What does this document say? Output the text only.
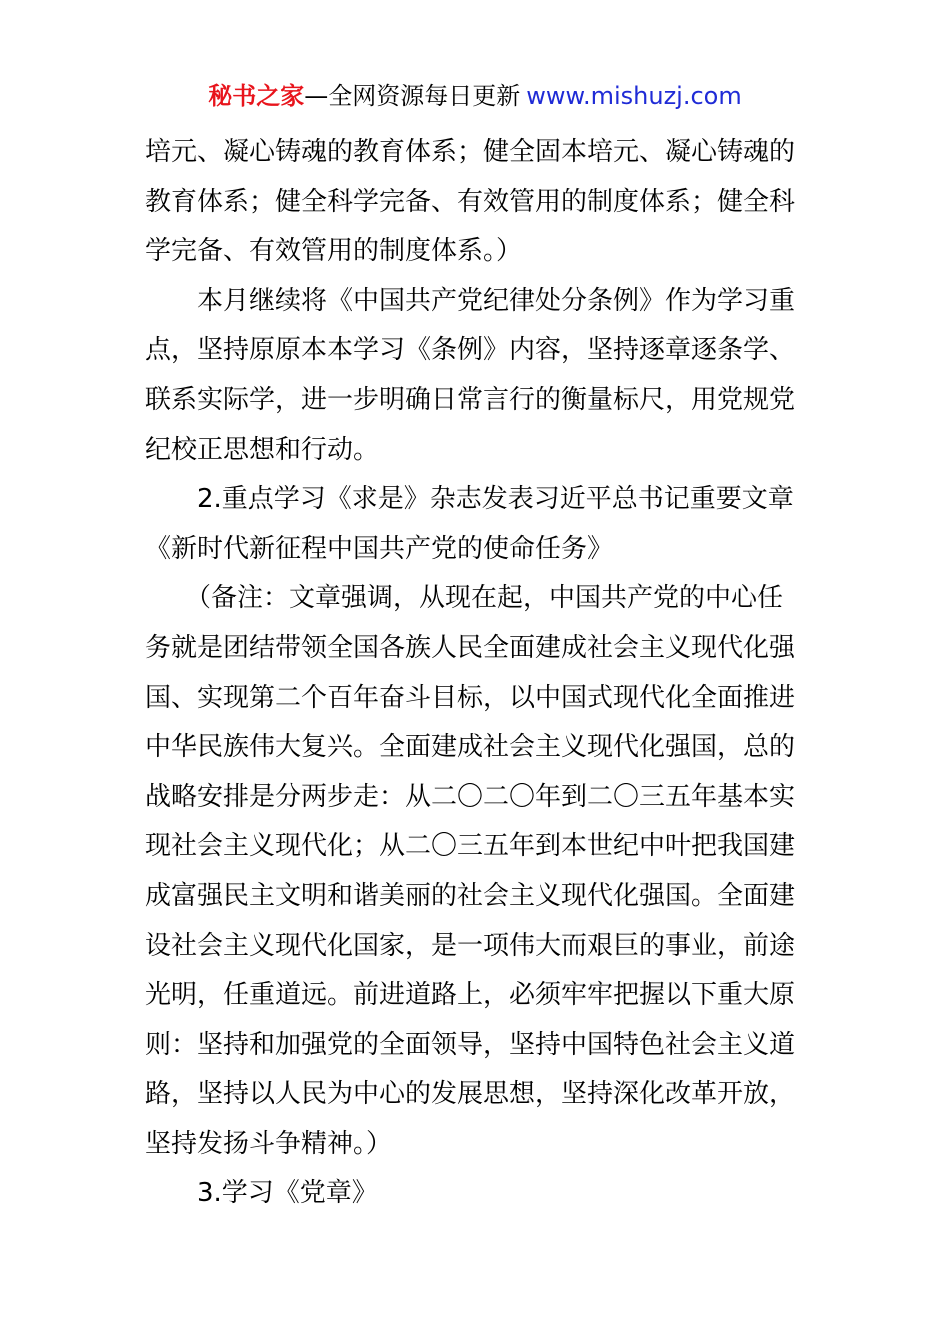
秘书之家—全网资源每日更新 www.mishuzj.com
培元、凝心铸魂的教育体系；健全固本培元、凝心铸魂的
教育体系；健全科学完备、有效管用的制度体系；健全科
学完备、有效管用的制度体系。）
本月继续将《中国共产党纪律处分条例》作为学习重
点，坚持原原本本学习《条例》内容，坚持逐章逐条学、
联系实际学，进一步明确日常言行的衡量标尺，用党规党
纪校正思想和行动。
2.重点学习《求是》杂志发表习近平总书记重要文章
《新时代新征程中国共产党的使命任务》
（备注：文章强调，从现在起，中国共产党的中心任
务就是团结带领全国各族人民全面建成社会主义现代化强
国、实现第二个百年奋斗目标，以中国式现代化全面推进
中华民族伟大复兴。全面建成社会主义现代化强国，总的
战略安排是分两步走：从二〇二〇年到二〇三五年基本实
现社会主义现代化；从二〇三五年到本世纪中叶把我国建
成富强民主文明和谐美丽的社会主义现代化强国。全面建
设社会主义现代化国家，是一项伟大而艰巨的事业，前途
光明，任重道远。前进道路上，必须牢牢把握以下重大原
则：坚持和加强党的全面领导，坚持中国特色社会主义道
路，坚持以人民为中心的发展思想，坚持深化改革开放，
坚持发扬斗争精神。）
3.学习《党章》
